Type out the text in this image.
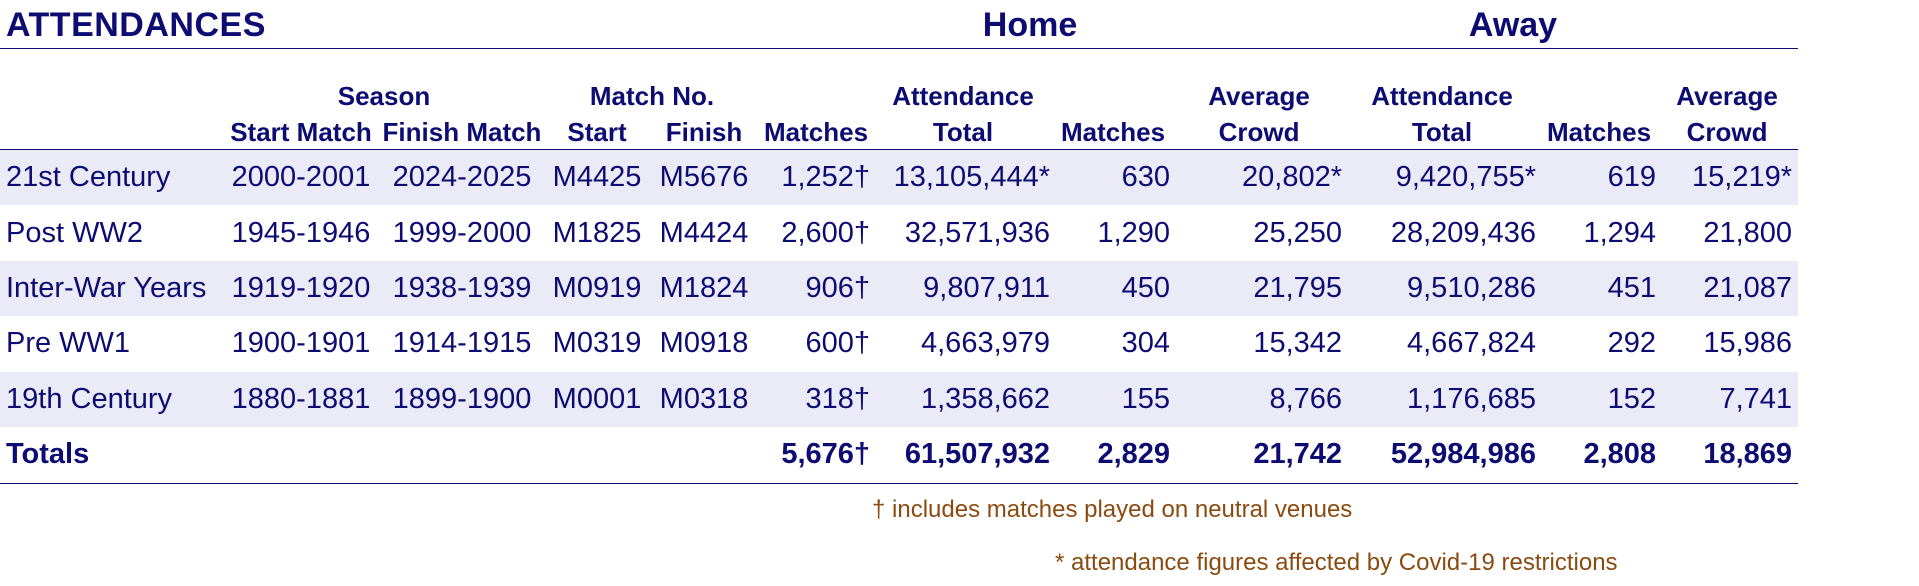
ATTENDANCES	Home	Away
	Season		Match No.			Attendance		Average	Attendance		Average
	Start Match	Finish Match	Start	Finish	Matches	Total	Matches	Crowd	Total	Matches	Crowd
21st Century	2000-2001	2024-2025	M4425	M5676	1,252†	13,105,444*	630	20,802*	9,420,755*	619	15,219*
Post WW2	1945-1946	1999-2000	M1825	M4424	2,600†	32,571,936	1,290	25,250	28,209,436	1,294	21,800
Inter-War Years	1919-1920	1938-1939	M0919	M1824	906†	9,807,911	450	21,795	9,510,286	451	21,087
Pre WW1	1900-1901	1914-1915	M0319	M0918	600†	4,663,979	304	15,342	4,667,824	292	15,986
19th Century	1880-1881	1899-1900	M0001	M0318	318†	1,358,662	155	8,766	1,176,685	152	7,741
Totals					5,676†	61,507,932	2,829	21,742	52,984,986	2,808	18,869
† includes matches played on neutral venues
* attendance figures affected by Covid-19 restrictions
